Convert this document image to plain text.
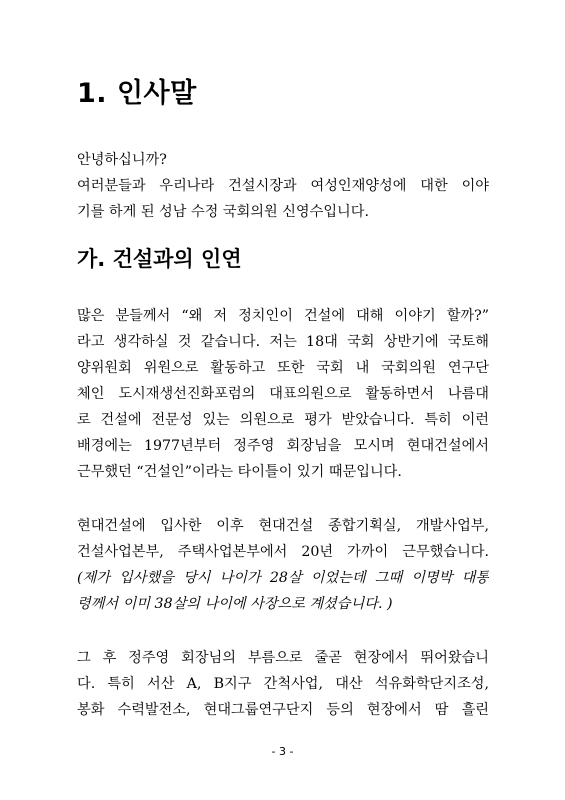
1. 인사말
안녕하십니까?
여러분들과 우리나라 건설시장과 여성인재양성에 대한 이야
기를 하게 된 성남 수정 국회의원 신영수입니다.
가. 건설과의 인연
많은 분들께서 “왜 저 정치인이 건설에 대해 이야기 할까?”
라고 생각하실 것 같습니다. 저는 18대 국회 상반기에 국토해
양위원회 위원으로 활동하고 또한 국회 내 국회의원 연구단
체인 도시재생선진화포럼의 대표의원으로 활동하면서 나름대
로 건설에 전문성 있는 의원으로 평가 받았습니다. 특히 이런
배경에는 1977년부터 정주영 회장님을 모시며 현대건설에서
근무했던 “건설인”이라는 타이틀이 있기 때문입니다.
현대건설에 입사한 이후 현대건설 종합기획실, 개발사업부,
건설사업본부, 주택사업본부에서 20년 가까이 근무했습니다.
(제가 입사했을 당시 나이가 28살 이었는데 그때 이명박 대통
령께서 이미 38살의 나이에 사장으로 계셨습니다. )
그 후 정주영 회장님의 부름으로 줄곧 현장에서 뛰어왔습니
다. 특히 서산 A, B지구 간척사업, 대산 석유화학단지조성,
봉화 수력발전소, 현대그룹연구단지 등의 현장에서 땀 흘린
- 3 -
